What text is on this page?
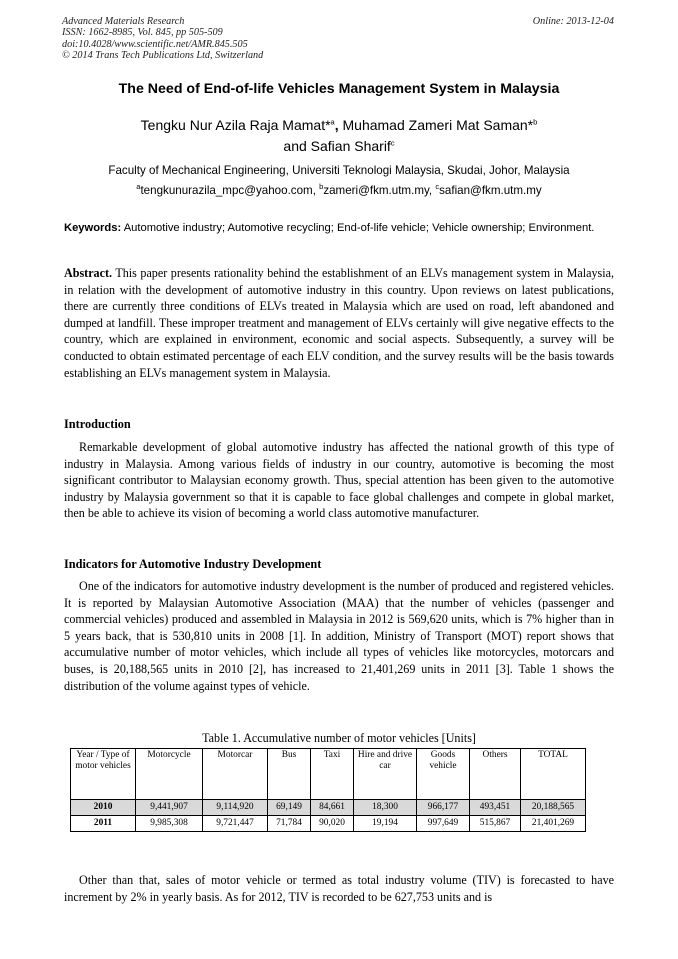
Advanced Materials Research
ISSN: 1662-8985, Vol. 845, pp 505-509
doi:10.4028/www.scientific.net/AMR.845.505
© 2014 Trans Tech Publications Ltd, Switzerland
Online: 2013-12-04
The Need of End-of-life Vehicles Management System in Malaysia
Tengku Nur Azila Raja Mamat*$^a$, Muhamad Zameri Mat Saman*$^b$
and Safian Sharif$^c$
Faculty of Mechanical Engineering, Universiti Teknologi Malaysia, Skudai, Johor, Malaysia
$^a$tengkunurazila_mpc@yahoo.com, $^b$zameri@fkm.utm.my, $^c$safian@fkm.utm.my
Keywords: Automotive industry; Automotive recycling; End-of-life vehicle; Vehicle ownership; Environment.

Abstract. This paper presents rationality behind the establishment of an ELVs management system in Malaysia, in relation with the development of automotive industry in this country. Upon reviews on latest publications, there are currently three conditions of ELVs treated in Malaysia which are used on road, left abandoned and dumped at landfill. These improper treatment and management of ELVs certainly will give negative effects to the country, which are explained in environment, economic and social aspects. Subsequently, a survey will be conducted to obtain estimated percentage of each ELV condition, and the survey results will be the basis towards establishing an ELVs management system in Malaysia.

Introduction

Remarkable development of global automotive industry has affected the national growth of this type of industry in Malaysia. Among various fields of industry in our country, automotive is becoming the most significant contributor to Malaysian economy growth. Thus, special attention has been given to the automotive industry by Malaysia government so that it is capable to face global challenges and compete in global market, then be able to achieve its vision of becoming a world class automotive manufacturer.

Indicators for Automotive Industry Development

One of the indicators for automotive industry development is the number of produced and registered vehicles. It is reported by Malaysian Automotive Association (MAA) that the number of vehicles (passenger and commercial vehicles) produced and assembled in Malaysia in 2012 is 569,620 units, which is 7% higher than in 5 years back, that is 530,810 units in 2008 [1]. In addition, Ministry of Transport (MOT) report shows that accumulative number of motor vehicles, which include all types of vehicles like motorcycles, motorcars and buses, is 20,188,565 units in 2010 [2], has increased to 21,401,269 units in 2011 [3]. Table 1 shows the distribution of the volume against types of vehicle.

Table 1. Accumulative number of motor vehicles [Units]
Year / Type of motor vehicles	Motorcycle	Motorcar	Bus	Taxi	Hire and drive car	Goods vehicle	Others	TOTAL
2010	9,441,907	9,114,920	69,149	84,661	18,300	966,177	493,451	20,188,565
2011	9,985,308	9,721,447	71,784	90,020	19,194	997,649	515,867	21,401,269

Other than that, sales of motor vehicle or termed as total industry volume (TIV) is forecasted to have increment by 2% in yearly basis. As for 2012, TIV is recorded to be 627,753 units and is
